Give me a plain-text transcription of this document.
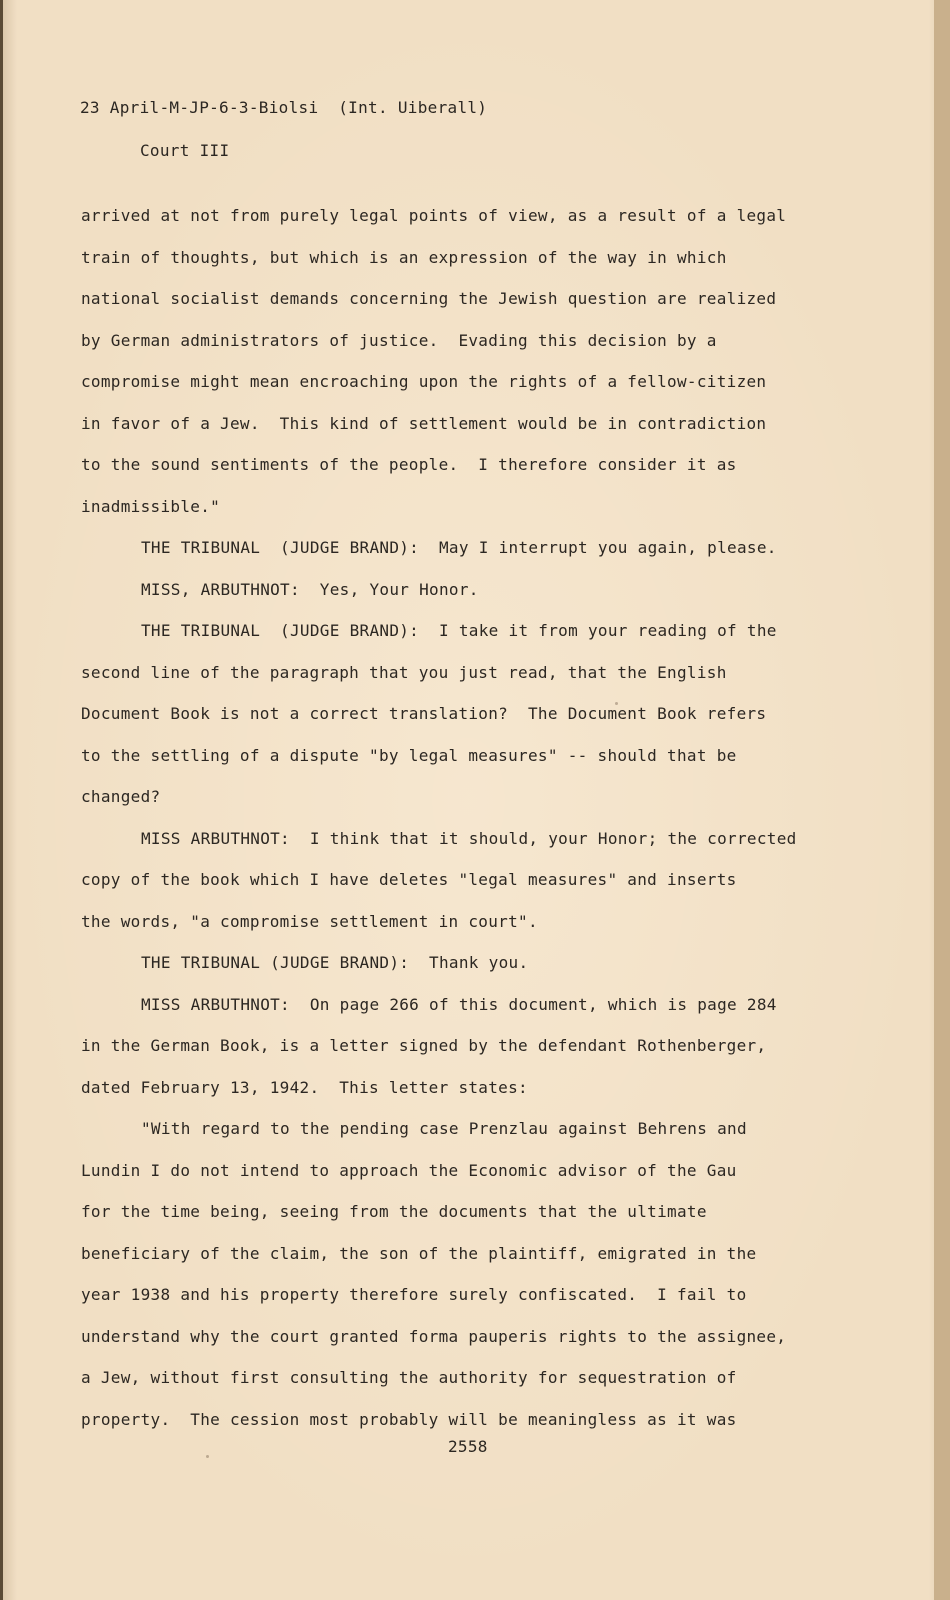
23 April-M-JP-6-3-Biolsi  (Int. Uiberall)

Court III

arrived at not from purely legal points of view, as a result of a legal

train of thoughts, but which is an expression of the way in which

national socialist demands concerning the Jewish question are realized

by German administrators of justice.  Evading this decision by a

compromise might mean encroaching upon the rights of a fellow-citizen

in favor of a Jew.  This kind of settlement would be in contradiction

to the sound sentiments of the people.  I therefore consider it as

inadmissible."

THE TRIBUNAL  (JUDGE BRAND):  May I interrupt you again, please.

MISS, ARBUTHNOT:  Yes, Your Honor.

THE TRIBUNAL  (JUDGE BRAND):  I take it from your reading of the

second line of the paragraph that you just read, that the English

Document Book is not a correct translation?  The Document Book refers

to the settling of a dispute "by legal measures" -- should that be

changed?

MISS ARBUTHNOT:  I think that it should, your Honor; the corrected

copy of the book which I have deletes "legal measures" and inserts

the words, "a compromise settlement in court".

THE TRIBUNAL (JUDGE BRAND):  Thank you.

MISS ARBUTHNOT:  On page 266 of this document, which is page 284

in the German Book, is a letter signed by the defendant Rothenberger,

dated February 13, 1942.  This letter states:

"With regard to the pending case Prenzlau against Behrens and

Lundin I do not intend to approach the Economic advisor of the Gau

for the time being, seeing from the documents that the ultimate

beneficiary of the claim, the son of the plaintiff, emigrated in the

year 1938 and his property therefore surely confiscated.  I fail to

understand why the court granted forma pauperis rights to the assignee,

a Jew, without first consulting the authority for sequestration of

property.  The cession most probably will be meaningless as it was

2558
